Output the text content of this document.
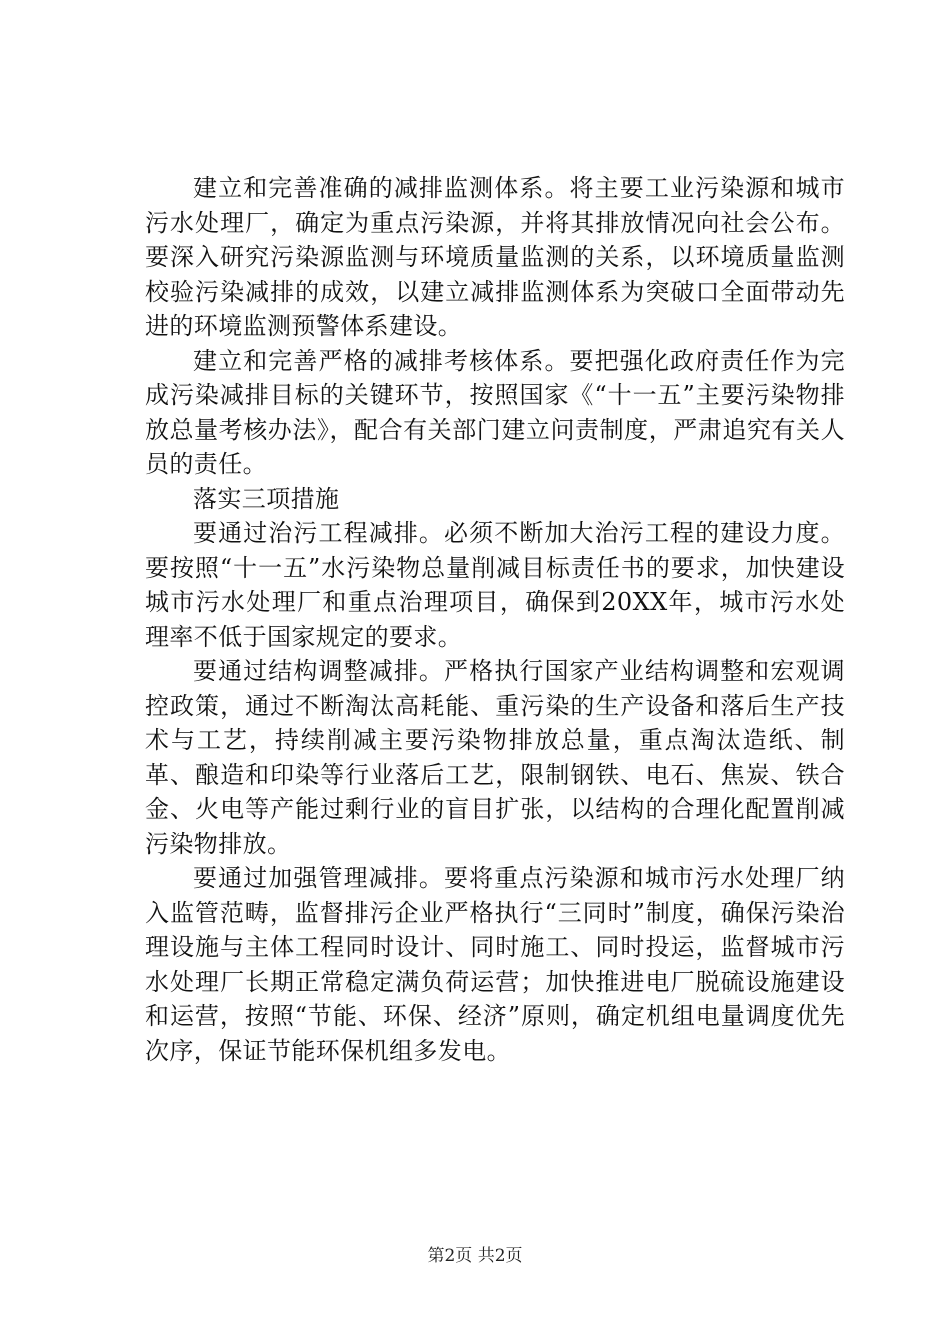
建立和完善准确的减排监测体系。将主要工业污染源和城市污水处理厂，确定为重点污染源，并将其排放情况向社会公布。要深入研究污染源监测与环境质量监测的关系，以环境质量监测校验污染减排的成效，以建立减排监测体系为突破口全面带动先进的环境监测预警体系建设。

建立和完善严格的减排考核体系。要把强化政府责任作为完成污染减排目标的关键环节，按照国家《“十一五”主要污染物排放总量考核办法》，配合有关部门建立问责制度，严肃追究有关人员的责任。

落实三项措施

要通过治污工程减排。必须不断加大治污工程的建设力度。要按照“十一五”水污染物总量削减目标责任书的要求，加快建设城市污水处理厂和重点治理项目，确保到20XX年，城市污水处理率不低于国家规定的要求。

要通过结构调整减排。严格执行国家产业结构调整和宏观调控政策，通过不断淘汰高耗能、重污染的生产设备和落后生产技术与工艺，持续削减主要污染物排放总量，重点淘汰造纸、制革、酿造和印染等行业落后工艺，限制钢铁、电石、焦炭、铁合金、火电等产能过剩行业的盲目扩张，以结构的合理化配置削减污染物排放。

要通过加强管理减排。要将重点污染源和城市污水处理厂纳入监管范畴，监督排污企业严格执行“三同时”制度，确保污染治理设施与主体工程同时设计、同时施工、同时投运，监督城市污水处理厂长期正常稳定满负荷运营；加快推进电厂脱硫设施建设和运营，按照“节能、环保、经济”原则，确定机组电量调度优先次序，保证节能环保机组多发电。

第2页 共2页
